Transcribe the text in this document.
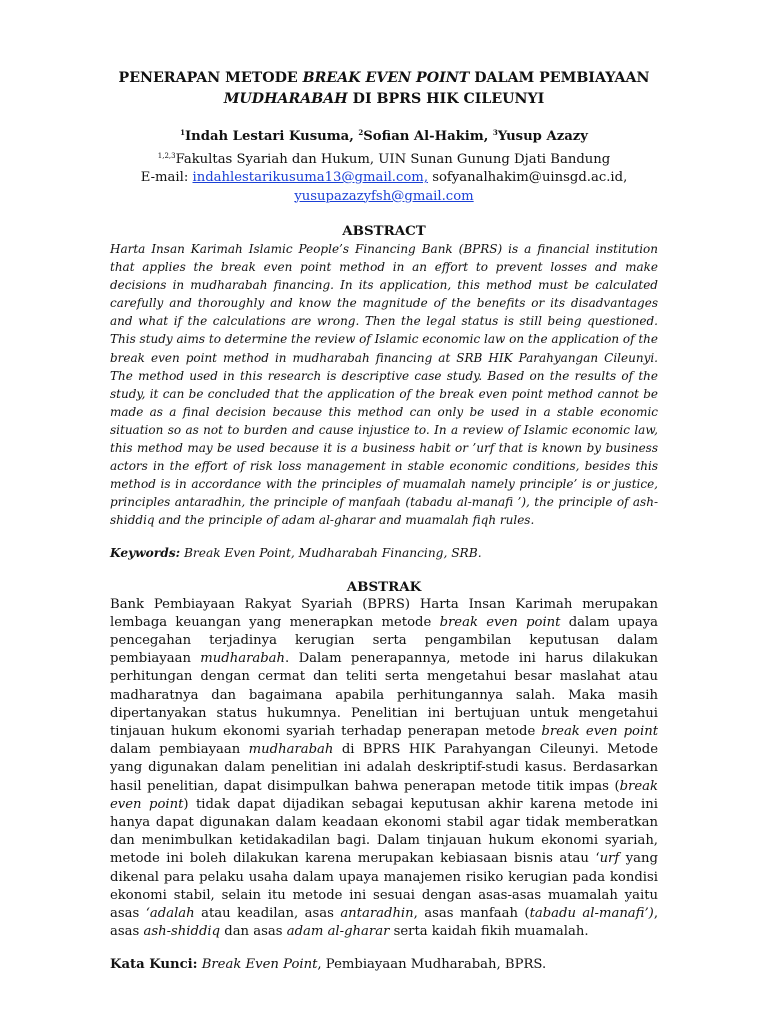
PENERAPAN METODE BREAK EVEN POINT DALAM PEMBIAYAAN
MUDHARABAH DI BPRS HIK CILEUNYI
$^1$Indah Lestari Kusuma, $^2$Sofian Al-Hakim, $^3$Yusup Azazy
$^{1,2,3}$Fakultas Syariah dan Hukum, UIN Sunan Gunung Djati Bandung
E-mail: indahlestarikusuma13@gmail.com, sofyanalhakim@uinsgd.ac.id,
yusupazazyfsh@gmail.com
ABSTRACT

Harta Insan Karimah Islamic People’s Financing Bank (BPRS) is a financial institution that applies the break even point method in an effort to prevent losses and make decisions in mudharabah financing. In its application, this method must be calculated carefully and thoroughly and know the magnitude of the benefits or its disadvantages and what if the calculations are wrong. Then the legal status is still being questioned. This study aims to determine the review of Islamic economic law on the application of the break even point method in mudharabah financing at SRB HIK Parahyangan Cileunyi. The method used in this research is descriptive case study. Based on the results of the study, it can be concluded that the application of the break even point method cannot be made as a final decision because this method can only be used in a stable economic situation so as not to burden and cause injustice to. In a review of Islamic economic law, this method may be used because it is a business habit or ’urf that is known by business actors in the effort of risk loss management in stable economic conditions, besides this method is in accordance with the principles of muamalah namely principle’ is or justice, principles antaradhin, the principle of manfaah (tabadu al-manafi ’), the principle of ash-shiddiq and the principle of adam al-gharar and muamalah fiqh rules.

Keywords: Break Even Point, Mudharabah Financing, SRB.
ABSTRAK

Bank Pembiayaan Rakyat Syariah (BPRS) Harta Insan Karimah merupakan lembaga keuangan yang menerapkan metode break even point dalam upaya pencegahan terjadinya kerugian serta pengambilan keputusan dalam pembiayaan mudharabah. Dalam penerapannya, metode ini harus dilakukan perhitungan dengan cermat dan teliti serta mengetahui besar maslahat atau madharatnya dan bagaimana apabila perhitungannya salah. Maka masih dipertanyakan status hukumnya. Penelitian ini bertujuan untuk mengetahui tinjauan hukum ekonomi syariah terhadap penerapan metode break even point dalam pembiayaan mudharabah di BPRS HIK Parahyangan Cileunyi. Metode yang digunakan dalam penelitian ini adalah deskriptif-studi kasus. Berdasarkan hasil penelitian, dapat disimpulkan bahwa penerapan metode titik impas (break even point) tidak dapat dijadikan sebagai keputusan akhir karena metode ini hanya dapat digunakan dalam keadaan ekonomi stabil agar tidak memberatkan dan menimbulkan ketidakadilan bagi. Dalam tinjauan hukum ekonomi syariah, metode ini boleh dilakukan karena merupakan kebiasaan bisnis atau ‘urf yang dikenal para pelaku usaha dalam upaya manajemen risiko kerugian pada kondisi ekonomi stabil, selain itu metode ini sesuai dengan asas-asas muamalah yaitu asas ‘adalah atau keadilan, asas antaradhin, asas manfaah (tabadu al-manafi’), asas ash-shiddiq dan asas adam al-gharar serta kaidah fikih muamalah.

Kata Kunci: Break Even Point, Pembiayaan Mudharabah, BPRS.
